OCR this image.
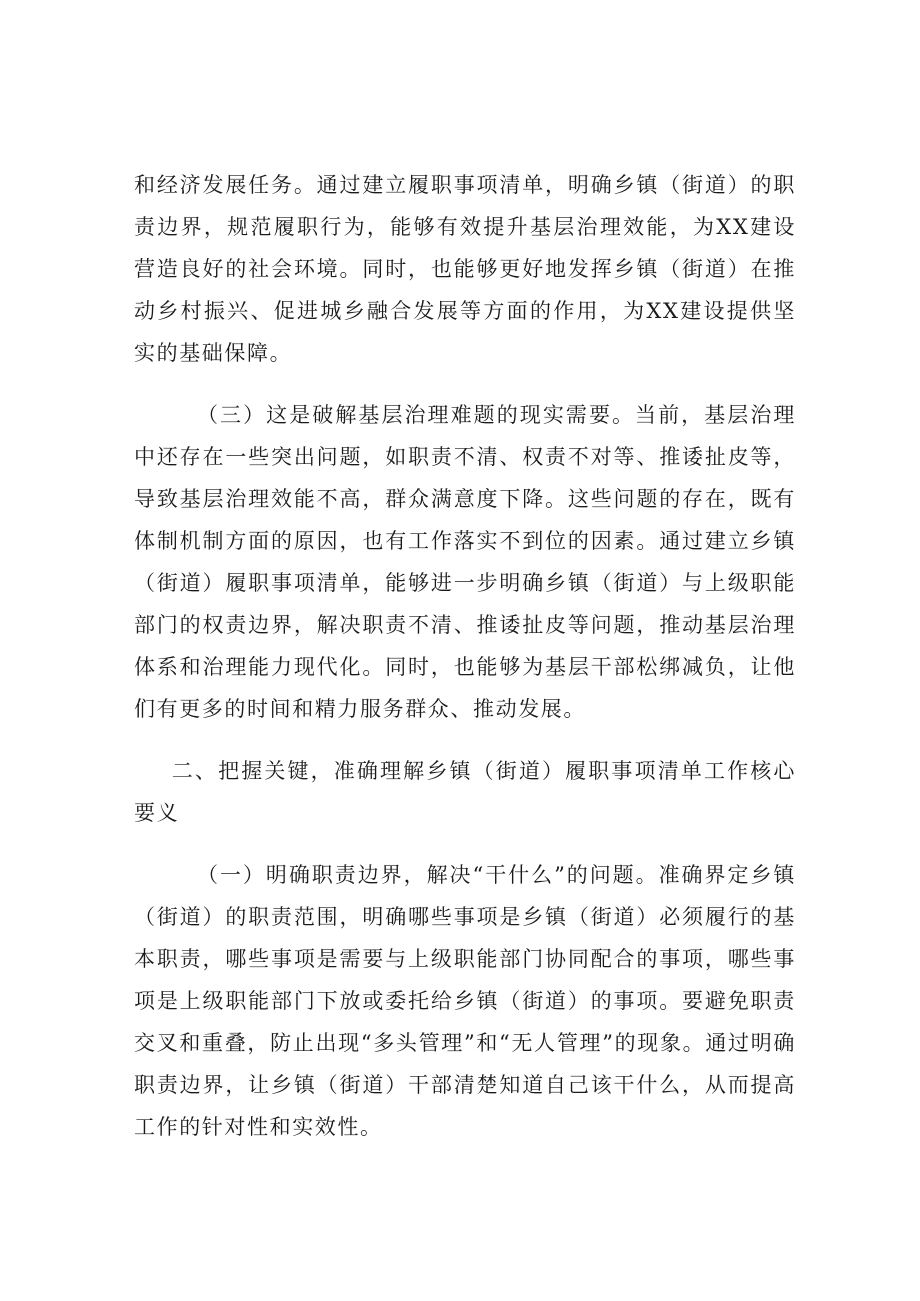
和经济发展任务。通过建立履职事项清单，明确乡镇（街道）的职责边界，规范履职行为，能够有效提升基层治理效能，为XX建设营造良好的社会环境。同时，也能够更好地发挥乡镇（街道）在推动乡村振兴、促进城乡融合发展等方面的作用，为XX建设提供坚实的基础保障。

（三）这是破解基层治理难题的现实需要。当前，基层治理中还存在一些突出问题，如职责不清、权责不对等、推诿扯皮等，导致基层治理效能不高，群众满意度下降。这些问题的存在，既有体制机制方面的原因，也有工作落实不到位的因素。通过建立乡镇（街道）履职事项清单，能够进一步明确乡镇（街道）与上级职能部门的权责边界，解决职责不清、推诿扯皮等问题，推动基层治理体系和治理能力现代化。同时，也能够为基层干部松绑减负，让他们有更多的时间和精力服务群众、推动发展。

二、把握关键，准确理解乡镇（街道）履职事项清单工作核心要义

（一）明确职责边界，解决“干什么”的问题。准确界定乡镇（街道）的职责范围，明确哪些事项是乡镇（街道）必须履行的基本职责，哪些事项是需要与上级职能部门协同配合的事项，哪些事项是上级职能部门下放或委托给乡镇（街道）的事项。要避免职责交叉和重叠，防止出现“多头管理”和“无人管理”的现象。通过明确职责边界，让乡镇（街道）干部清楚知道自己该干什么，从而提高工作的针对性和实效性。
